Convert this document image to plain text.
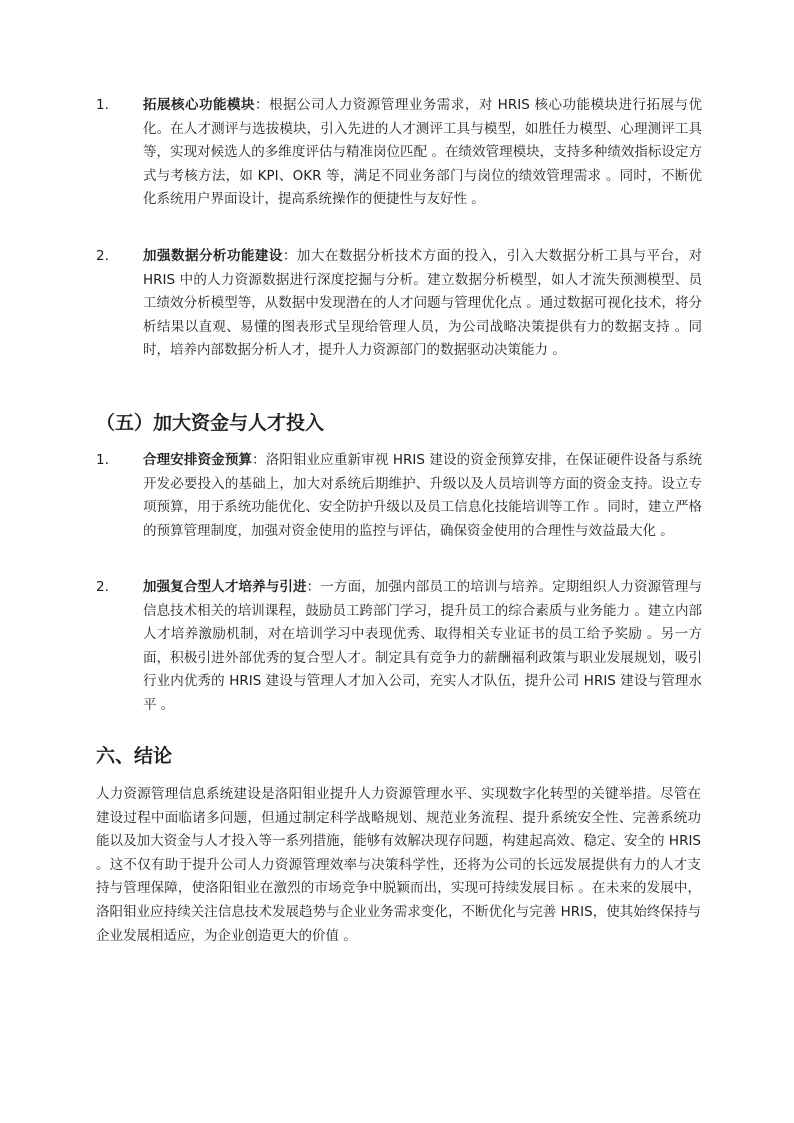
1.	拓展核心功能模块：根据公司人力资源管理业务需求，对 HRIS 核心功能模块进行拓展与优化。在人才测评与选拔模块，引入先进的人才测评工具与模型，如胜任力模型、心理测评工具等，实现对候选人的多维度评估与精准岗位匹配 。在绩效管理模块，支持多种绩效指标设定方式与考核方法，如 KPI、OKR 等，满足不同业务部门与岗位的绩效管理需求 。同时，不断优化系统用户界面设计，提高系统操作的便捷性与友好性 。
2.	加强数据分析功能建设：加大在数据分析技术方面的投入，引入大数据分析工具与平台，对 HRIS 中的人力资源数据进行深度挖掘与分析。建立数据分析模型，如人才流失预测模型、员工绩效分析模型等，从数据中发现潜在的人才问题与管理优化点 。通过数据可视化技术，将分析结果以直观、易懂的图表形式呈现给管理人员，为公司战略决策提供有力的数据支持 。同时，培养内部数据分析人才，提升人力资源部门的数据驱动决策能力 。
（五）加大资金与人才投入
1.	合理安排资金预算：洛阳钼业应重新审视 HRIS 建设的资金预算安排，在保证硬件设备与系统开发必要投入的基础上，加大对系统后期维护、升级以及人员培训等方面的资金支持。设立专项预算，用于系统功能优化、安全防护升级以及员工信息化技能培训等工作 。同时，建立严格的预算管理制度，加强对资金使用的监控与评估，确保资金使用的合理性与效益最大化 。
2.	加强复合型人才培养与引进：一方面，加强内部员工的培训与培养。定期组织人力资源管理与信息技术相关的培训课程，鼓励员工跨部门学习，提升员工的综合素质与业务能力 。建立内部人才培养激励机制，对在培训学习中表现优秀、取得相关专业证书的员工给予奖励 。另一方面，积极引进外部优秀的复合型人才。制定具有竞争力的薪酬福利政策与职业发展规划，吸引行业内优秀的 HRIS 建设与管理人才加入公司，充实人才队伍，提升公司 HRIS 建设与管理水平 。
六、结论

人力资源管理信息系统建设是洛阳钼业提升人力资源管理水平、实现数字化转型的关键举措。尽管在建设过程中面临诸多问题，但通过制定科学战略规划、规范业务流程、提升系统安全性、完善系统功能以及加大资金与人才投入等一系列措施，能够有效解决现存问题，构建起高效、稳定、安全的 HRIS 。这不仅有助于提升公司人力资源管理效率与决策科学性，还将为公司的长远发展提供有力的人才支持与管理保障，使洛阳钼业在激烈的市场竞争中脱颖而出，实现可持续发展目标 。在未来的发展中，洛阳钼业应持续关注信息技术发展趋势与企业业务需求变化，不断优化与完善 HRIS，使其始终保持与企业发展相适应，为企业创造更大的价值 。
